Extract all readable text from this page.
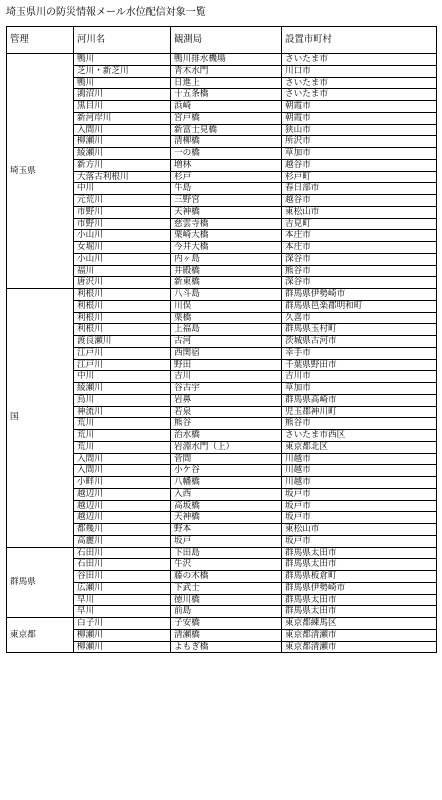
埼玉県川の防災情報メール水位配信対象一覧
管理	河川名	観測局	設置市町村
埼玉県	鴨川	鴨川排水機場	さいたま市
	芝川・新芝川	青木水門	川口市
	鴨川	日進上	さいたま市
	鴻沼川	十五条橋	さいたま市
	黒目川	浜崎	朝霞市
	新河岸川	宮戸橋	朝霞市
	入間川	新富士見橋	狭山市
	柳瀬川	清柳橋	所沢市
	綾瀬川	一の橋	草加市
	新方川	増林	越谷市
	大落古利根川	杉戸	杉戸町
	中川	牛島	春日部市
	元荒川	三野宮	越谷市
	市野川	天神橋	東松山市
	市野川	慈雲寺橋	吉見町
	小山川	栗崎大橋	本庄市
	女堀川	今井大橋	本庄市
	小山川	内ヶ島	深谷市
	福川	井殿橋	熊谷市
	唐沢川	新東橋	深谷市
国	利根川	八斗島	群馬県伊勢崎市
	利根川	川俣	群馬県邑楽郡明和町
	利根川	栗橋	久喜市
	利根川	上福島	群馬県玉村町
	渡良瀬川	古河	茨城県古河市
	江戸川	西関宿	幸手市
	江戸川	野田	千葉県野田市
	中川	吉川	吉川市
	綾瀬川	谷古宇	草加市
	烏川	岩鼻	群馬県高崎市
	神流川	若泉	児玉郡神川町
	荒川	熊谷	熊谷市
	荒川	治水橋	さいたま市西区
	荒川	岩淵水門（上）	東京都北区
	入間川	菅間	川越市
	入間川	小ケ谷	川越市
	小畔川	八幡橋	川越市
	越辺川	入西	坂戸市
	越辺川	高坂橋	坂戸市
	越辺川	天神橋	坂戸市
	都幾川	野本	東松山市
	高麗川	坂戸	坂戸市
群馬県	石田川	下田島	群馬県太田市
	石田川	牛沢	群馬県太田市
	谷田川	藤の木橋	群馬県板倉町
	広瀬川	下武士	群馬県伊勢崎市
	早川	徳川橋	群馬県太田市
	早川	前島	群馬県太田市
東京都	白子川	子安橋	東京都練馬区
	柳瀬川	清瀬橋	東京都清瀬市
	柳瀬川	よもぎ橋	東京都清瀬市
